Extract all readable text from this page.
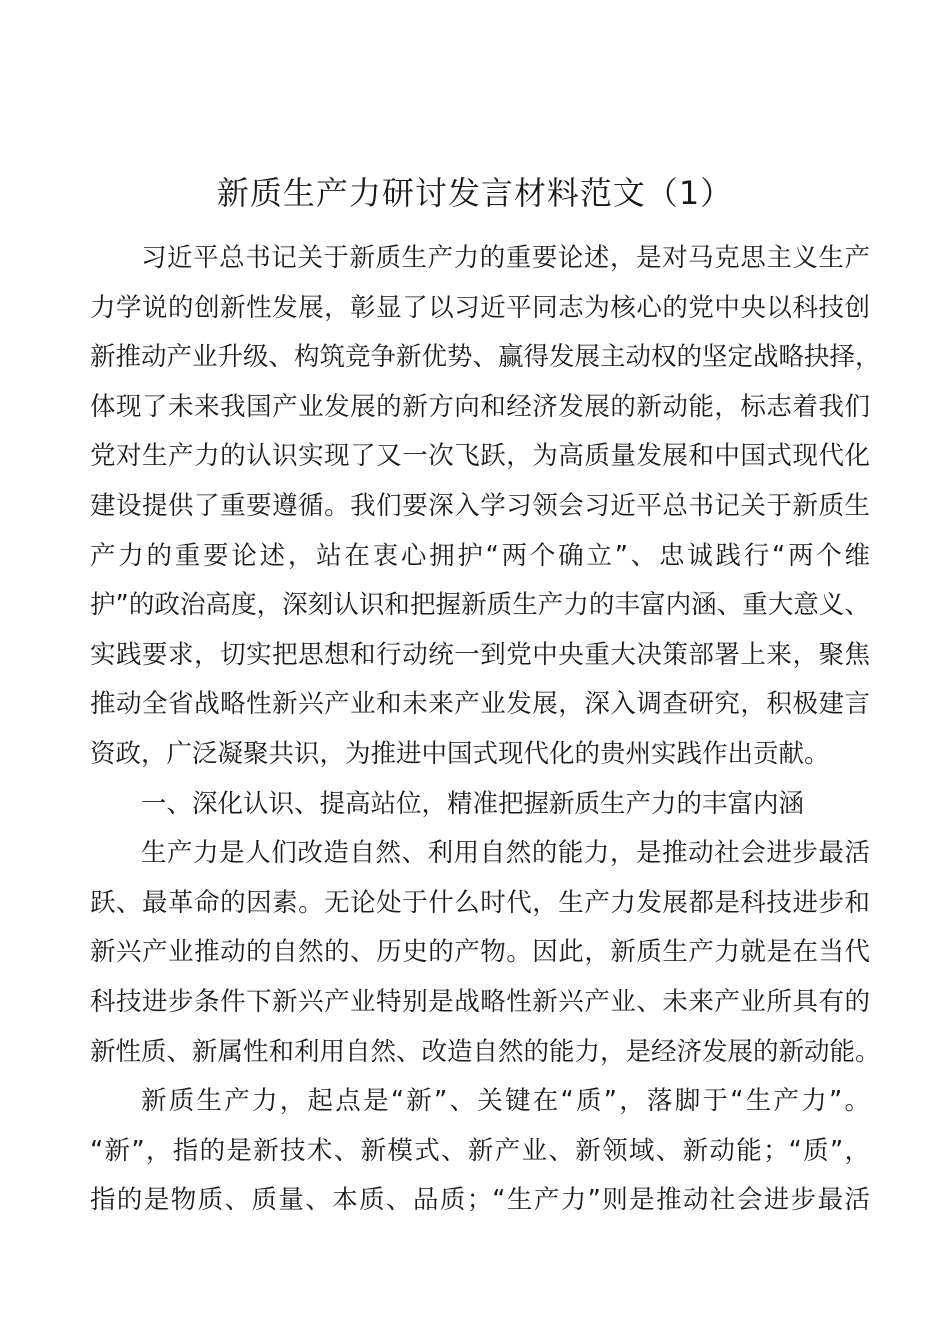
新质生产力研讨发言材料范文（1）
习近平总书记关于新质生产力的重要论述，是对马克思主义生产
力学说的创新性发展，彰显了以习近平同志为核心的党中央以科技创
新推动产业升级、构筑竞争新优势、赢得发展主动权的坚定战略抉择，
体现了未来我国产业发展的新方向和经济发展的新动能，标志着我们
党对生产力的认识实现了又一次飞跃，为高质量发展和中国式现代化
建设提供了重要遵循。我们要深入学习领会习近平总书记关于新质生
产力的重要论述，站在衷心拥护“两个确立”、忠诚践行“两个维
护”的政治高度，深刻认识和把握新质生产力的丰富内涵、重大意义、
实践要求，切实把思想和行动统一到党中央重大决策部署上来，聚焦
推动全省战略性新兴产业和未来产业发展，深入调查研究，积极建言
资政，广泛凝聚共识，为推进中国式现代化的贵州实践作出贡献。
一、深化认识、提高站位，精准把握新质生产力的丰富内涵
生产力是人们改造自然、利用自然的能力，是推动社会进步最活
跃、最革命的因素。无论处于什么时代，生产力发展都是科技进步和
新兴产业推动的自然的、历史的产物。因此，新质生产力就是在当代
科技进步条件下新兴产业特别是战略性新兴产业、未来产业所具有的
新性质、新属性和利用自然、改造自然的能力，是经济发展的新动能。
新质生产力，起点是“新”、关键在“质”，落脚于“生产力”。
“新”，指的是新技术、新模式、新产业、新领域、新动能；“质”，
指的是物质、质量、本质、品质；“生产力”则是推动社会进步最活
